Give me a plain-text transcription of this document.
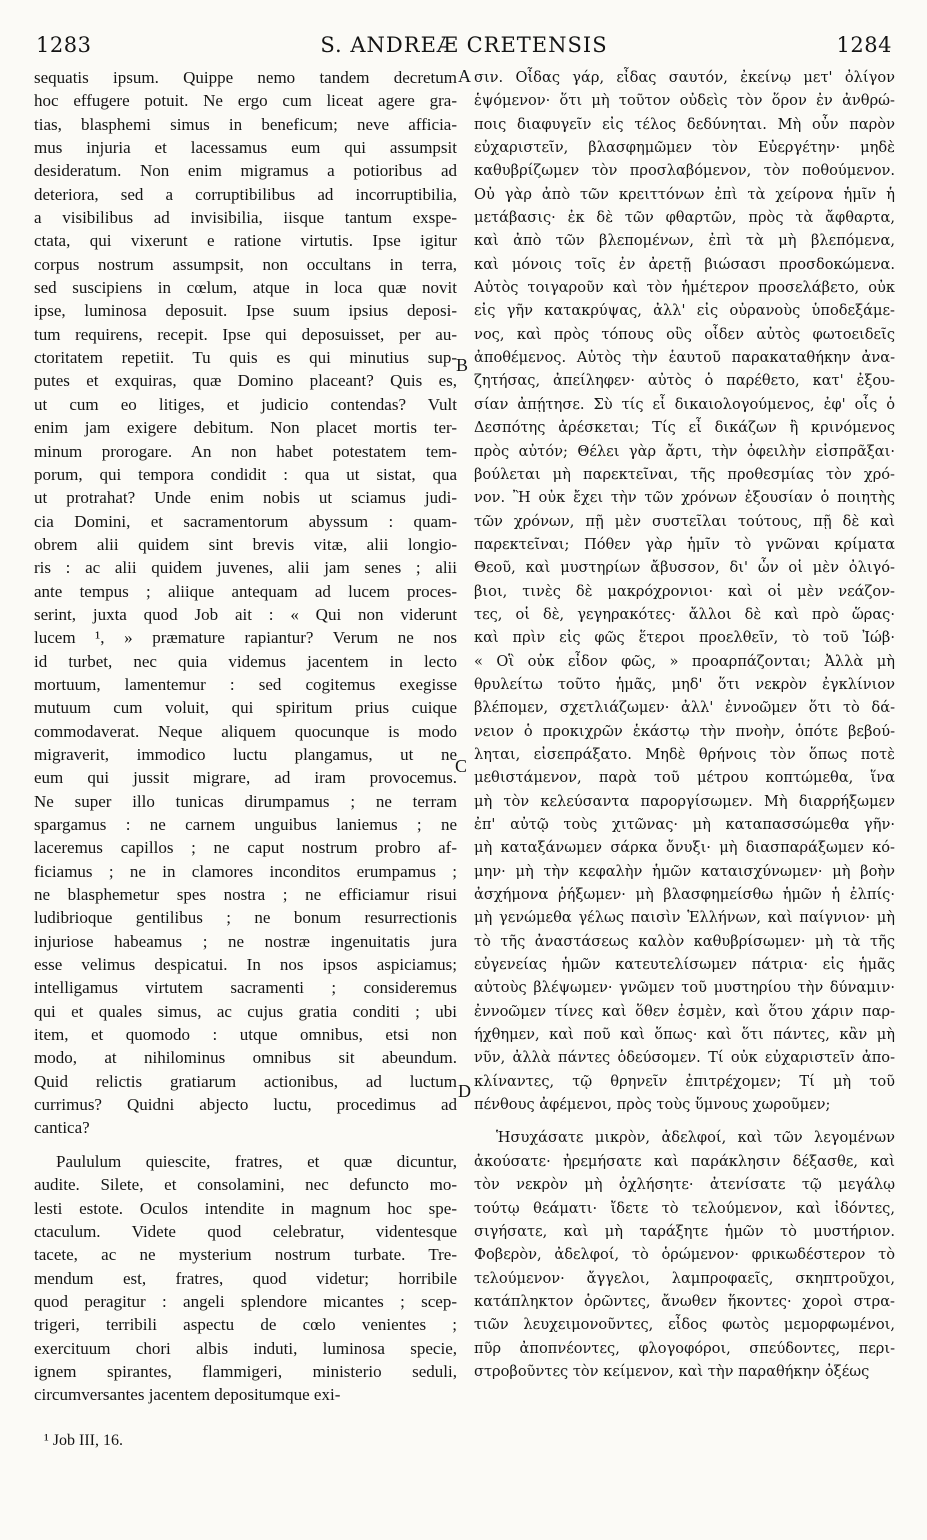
1283	S. ANDREÆ CRETENSIS	1284
sequatis ipsum. Quippe nemo tandem decretum
hoc effugere potuit. Ne ergo cum liceat agere gra-
tias, blasphemi simus in beneficum; neve afficia-
mus injuria et lacessamus eum qui assumpsit
desideratum. Non enim migramus a potioribus ad
deteriora, sed a corruptibilibus ad incorruptibilia,
a visibilibus ad invisibilia, iisque tantum exspe-
ctata, qui vixerunt e ratione virtutis. Ipse igitur
corpus nostrum assumpsit, non occultans in terra,
sed suscipiens in cœlum, atque in loca quæ novit
ipse, luminosa deposuit. Ipse suum ipsius deposi-
tum requirens, recepit. Ipse qui deposuisset, per au-
ctoritatem repetiit. Tu quis es qui minutius sup-
putes et exquiras, quæ Domino placeant? Quis es,
ut cum eo litiges, et judicio contendas? Vult
enim jam exigere debitum. Non placet mortis ter-
minum prorogare. An non habet potestatem tem-
porum, qui tempora condidit : qua ut sistat, qua
ut protrahat? Unde enim nobis ut sciamus judi-
cia Domini, et sacramentorum abyssum : quam-
obrem alii quidem sint brevis vitæ, alii longio-
ris : ac alii quidem juvenes, alii jam senes ; alii
ante tempus ; aliique antequam ad lucem proces-
serint, juxta quod Job ait : « Qui non viderunt
lucem ¹, » præmature rapiantur? Verum ne nos
id turbet, nec quia videmus jacentem in lecto
mortuum, lamentemur : sed cogitemus exegisse
mutuum cum voluit, qui spiritum prius cuique
commodaverat. Neque aliquem quocunque is modo
migraverit, immodico luctu plangamus, ut ne
eum qui jussit migrare, ad iram provocemus.
Ne super illo tunicas dirumpamus ; ne terram
spargamus : ne carnem unguibus laniemus ; ne
laceremus capillos ; ne caput nostrum probro af-
ficiamus ; ne in clamores inconditos erumpamus ;
ne blasphemetur spes nostra ; ne efficiamur risui
ludibrioque gentilibus ; ne bonum resurrectionis
injuriose habeamus ; ne nostræ ingenuitatis jura
esse velimus despicatui. In nos ipsos aspiciamus;
intelligamus virtutem sacramenti ; consideremus
qui et quales simus, ac cujus gratia conditi ; ubi
item, et quomodo : utque omnibus, etsi non
modo, at nihilominus omnibus sit abeundum.
Quid relictis gratiarum actionibus, ad luctum
currimus? Quidni abjecto luctu, procedimus ad
cantica?
Paululum quiescite, fratres, et quæ dicuntur,
audite. Silete, et consolamini, nec defuncto mo-
lesti estote. Oculos intendite in magnum hoc spe-
ctaculum. Videte quod celebratur, videntesque
tacete, ac ne mysterium nostrum turbate. Tre-
mendum est, fratres, quod videtur; horribile
quod peragitur : angeli splendore micantes ; scep-
trigeri, terribili aspectu de cœlo venientes ;
exercituum chori albis induti, luminosa specie,
ignem spirantes, flammigeri, ministerio seduli,
circumversantes jacentem depositumque exi-
σιν. Οἶδας γάρ, εἶδας σαυτόν, ἐκείνῳ μετ' ὀλίγον
ἑψόμενον· ὅτι μὴ τοῦτον οὐδεὶς τὸν ὅρον ἐν ἀνθρώ-
ποις διαφυγεῖν εἰς τέλος δεδύνηται. Μὴ οὖν παρὸν
εὐχαριστεῖν, βλασφημῶμεν τὸν Εὐεργέτην· μηδὲ
καθυβρίζωμεν τὸν προσλαβόμενον, τὸν ποθούμενον.
Οὐ γὰρ ἀπὸ τῶν κρειττόνων ἐπὶ τὰ χείρονα ἡμῖν ἡ
μετάβασις· ἐκ δὲ τῶν φθαρτῶν, πρὸς τὰ ἄφθαρτα,
καὶ ἀπὸ τῶν βλεπομένων, ἐπὶ τὰ μὴ βλεπόμενα,
καὶ μόνοις τοῖς ἐν ἀρετῇ βιώσασι προσδοκώμενα.
Αὐτὸς τοιγαροῦν καὶ τὸν ἡμέτερον προσελάβετο, οὐκ
εἰς γῆν κατακρύψας, ἀλλ' εἰς οὐρανοὺς ὑποδεξάμε-
νος, καὶ πρὸς τόπους οὓς οἶδεν αὐτὸς φωτοειδεῖς
ἀποθέμενος. Αὐτὸς τὴν ἑαυτοῦ παρακαταθήκην ἀνα-
ζητήσας, ἀπείληφεν· αὐτὸς ὁ παρέθετο, κατ' ἐξου-
σίαν ἀπῄτησε. Σὺ τίς εἶ δικαιολογούμενος, ἐφ' οἷς ὁ
Δεσπότης ἀρέσκεται; Τίς εἶ δικάζων ἢ κρινόμενος
πρὸς αὐτόν; Θέλει γὰρ ἄρτι, τὴν ὀφειλὴν εἰσπρᾶξαι·
βούλεται μὴ παρεκτεῖναι, τῆς προθεσμίας τὸν χρό-
νον. Ἢ οὐκ ἔχει τὴν τῶν χρόνων ἐξουσίαν ὁ ποιητὴς
τῶν χρόνων, πῇ μὲν συστεῖλαι τούτους, πῇ δὲ καὶ
παρεκτεῖναι; Πόθεν γὰρ ἡμῖν τὸ γνῶναι κρίματα
Θεοῦ, καὶ μυστηρίων ἄβυσσον, δι' ὧν οἱ μὲν ὀλιγό-
βιοι, τινὲς δὲ μακρόχρονιοι· καὶ οἱ μὲν νεάζον-
τες, οἱ δὲ, γεγηρακότες· ἄλλοι δὲ καὶ πρὸ ὥρας·
καὶ πρὶν εἰς φῶς ἕτεροι προελθεῖν, τὸ τοῦ Ἰώβ·
« Οἳ οὐκ εἶδον φῶς, » προαρπάζονται; Ἀλλὰ μὴ
θρυλείτω τοῦτο ἡμᾶς, μηδ' ὅτι νεκρὸν ἐγκλίνιον
βλέπομεν, σχετλιάζωμεν· ἀλλ' ἐννοῶμεν ὅτι τὸ δά-
νειον ὁ προκιχρῶν ἑκάστῳ τὴν πνοὴν, ὁπότε βεβού-
ληται, εἰσεπράξατο. Μηδὲ θρήνοις τὸν ὅπως ποτὲ
μεθιστάμενον, παρὰ τοῦ μέτρου κοπτώμεθα, ἵνα
μὴ τὸν κελεύσαντα παροργίσωμεν. Μὴ διαρρήξωμεν
ἐπ' αὐτῷ τοὺς χιτῶνας· μὴ καταπασσώμεθα γῆν·
μὴ καταξάνωμεν σάρκα ὄνυξι· μὴ διασπαράξωμεν κό-
μην· μὴ τὴν κεφαλὴν ἡμῶν καταισχύνωμεν· μὴ βοὴν
ἀσχήμονα ῥήξωμεν· μὴ βλασφημείσθω ἡμῶν ἡ ἐλπίς·
μὴ γενώμεθα γέλως παισὶν Ἑλλήνων, καὶ παίγνιον· μὴ
τὸ τῆς ἀναστάσεως καλὸν καθυβρίσωμεν· μὴ τὰ τῆς
εὐγενείας ἡμῶν κατευτελίσωμεν πάτρια· εἰς ἡμᾶς
αὐτοὺς βλέψωμεν· γνῶμεν τοῦ μυστηρίου τὴν δύναμιν·
ἐννοῶμεν τίνες καὶ ὅθεν ἐσμὲν, καὶ ὅτου χάριν παρ-
ήχθημεν, καὶ ποῦ καὶ ὅπως· καὶ ὅτι πάντες, κἂν μὴ
νῦν, ἀλλὰ πάντες ὁδεύσομεν. Τί οὐκ εὐχαριστεῖν ἀπο-
κλίναντες, τῷ θρηνεῖν ἐπιτρέχομεν; Τί μὴ τοῦ
πένθους ἀφέμενοι, πρὸς τοὺς ὕμνους χωροῦμεν;
Ἡσυχάσατε μικρὸν, ἀδελφοί, καὶ τῶν λεγομένων
ἀκούσατε· ἠρεμήσατε καὶ παράκλησιν δέξασθε, καὶ
τὸν νεκρὸν μὴ ὀχλήσητε· ἀτενίσατε τῷ μεγάλῳ
τούτῳ θεάματι· ἴδετε τὸ τελούμενον, καὶ ἰδόντες,
σιγήσατε, καὶ μὴ ταράξητε ἡμῶν τὸ μυστήριον.
Φοβερὸν, ἀδελφοί, τὸ ὁρώμενον· φρικωδέστερον τὸ
τελούμενον· ἄγγελοι, λαμπροφαεῖς, σκηπτροῦχοι,
κατάπληκτον ὁρῶντες, ἄνωθεν ἥκοντες· χοροὶ στρα-
τιῶν λευχειμονοῦντες, εἶδος φωτὸς μεμορφωμένοι,
πῦρ ἀποπνέοντες, φλογοφόροι, σπεύδοντες, περι-
στροβοῦντες τὸν κείμενον, καὶ τὴν παραθήκην ὀξέως
A
B
C
D
¹ Job III, 16.
